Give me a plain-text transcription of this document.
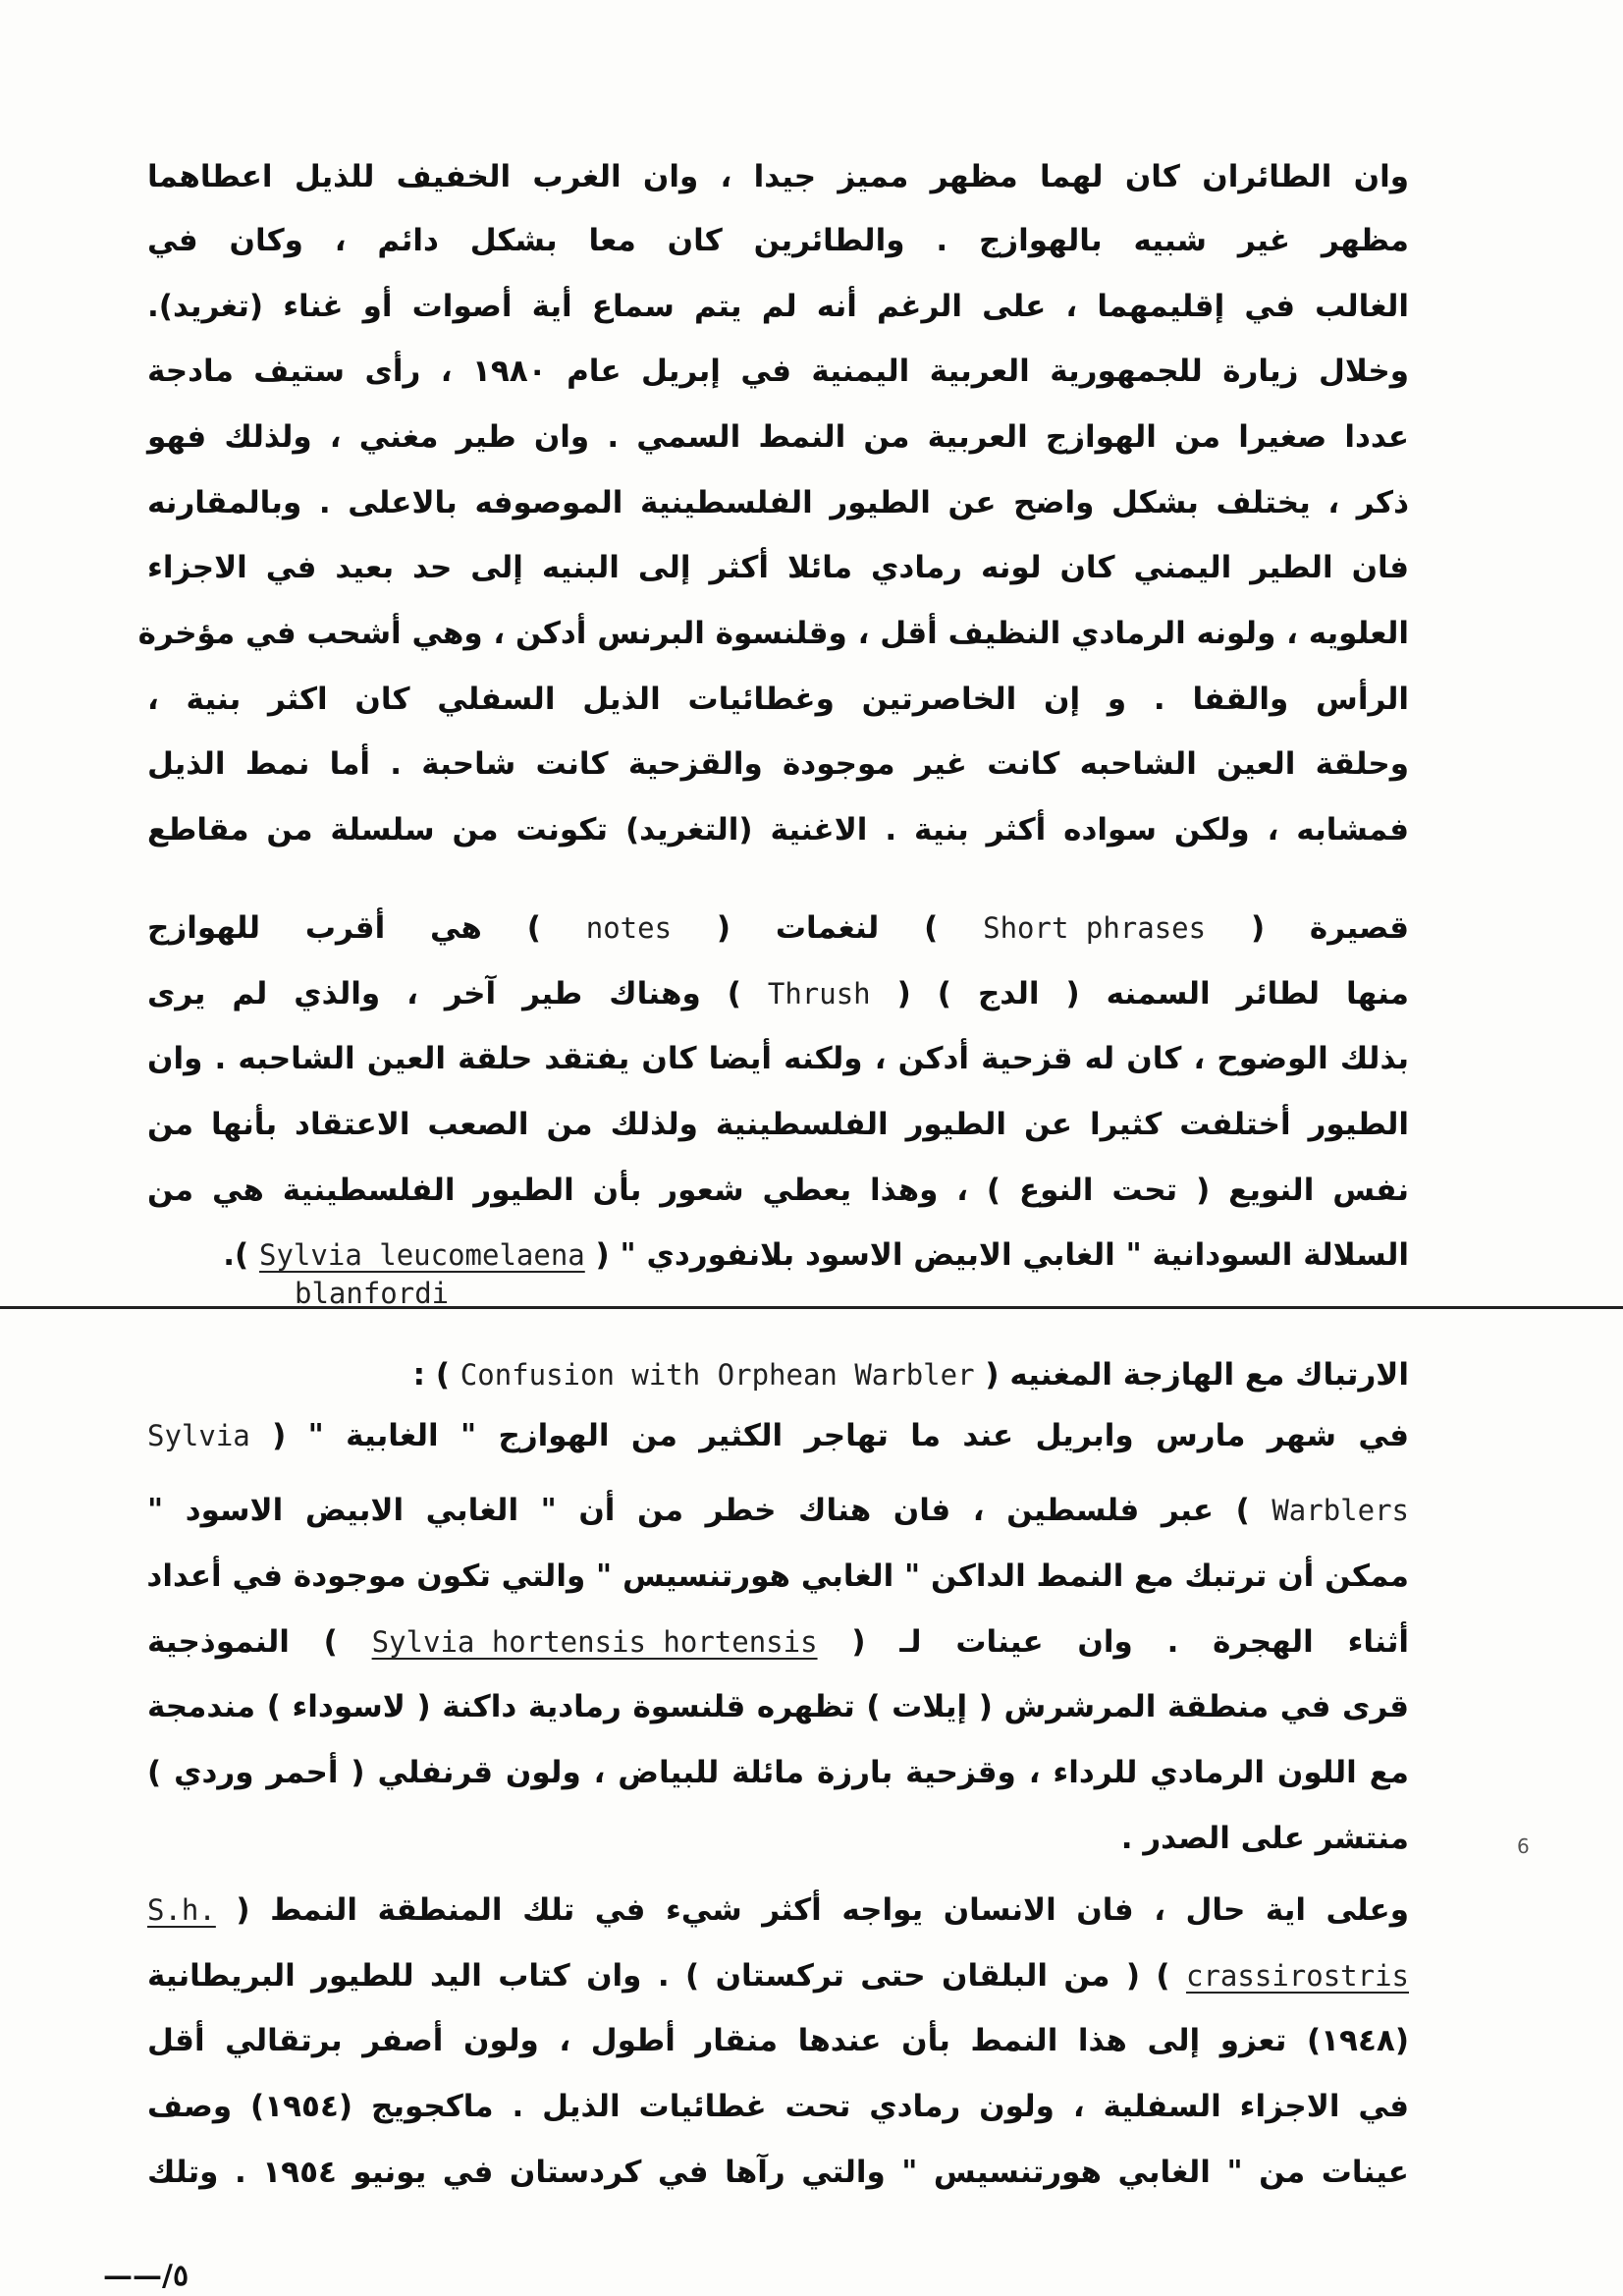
وان الطائران كان لهما مظهر مميز جيدا ، وان الغرب الخفيف للذيل اعطاهما
مظهر غير شبيه بالهوازج . والطائرين كان معا بشكل دائم ، وكان في
الغالب في إقليمهما ، على الرغم أنه لم يتم سماع أية أصوات أو غناء (تغريد).
وخلال زيارة للجمهورية العربية اليمنية في إبريل عام ١٩٨٠ ، رأى ستيف مادجة
عددا صغيرا من الهوازج العربية من النمط السمي . وان طير مغني ، ولذلك فهو
ذكر ، يختلف بشكل واضح عن الطيور الفلسطينية الموصوفه بالاعلى . وبالمقارنه
فان الطير اليمني كان لونه رمادي مائلا أكثر إلى البنيه إلى حد بعيد في الاجزاء
العلويه ، ولونه الرمادي النظيف أقل ، وقلنسوة البرنس أدكن ، وهي أشحب في مؤخرة
الرأس والقفا . و إن الخاصرتين وغطائيات الذيل السفلي كان اكثر بنية ،
وحلقة العين الشاحبه كانت غير موجودة والقزحية كانت شاحبة . أما نمط الذيل
فمشابه ، ولكن سواده أكثر بنية . الاغنية (التغريد) تكونت من سلسلة من مقاطع
قصيرة ( Short phrases ) لنغمات ( notes ) هي أقرب للهوازج
منها لطائر السمنه ( الدج ) ( Thrush ) وهناك طير آخر ، والذي لم يرى
بذلك الوضوح ، كان له قزحية أدكن ، ولكنه أيضا كان يفتقد حلقة العين الشاحبه . وان
الطيور أختلفت كثيرا عن الطيور الفلسطينية ولذلك من الصعب الاعتقاد بأنها من
نفس النويع ( تحت النوع ) ، وهذا يعطي شعور بأن الطيور الفلسطينية هي من
السلالة السودانية " الغابي الابيض الاسود بلانفوردي " ( Sylvia leucomelaena ).
blanfordi
الارتباك مع الهازجة المغنيه ( Confusion with Orphean Warbler ) :
في شهر مارس وابريل عند ما تهاجر الكثير من الهوازج " الغابية " ( Sylvia
Warblers ) عبر فلسطين ، فان هناك خطر من أن " الغابي الابيض الاسود "
ممكن أن ترتبك مع النمط الداكن " الغابي هورتنسيس " والتي تكون موجودة في أعداد
أثناء الهجرة . وان عينات لـ ( Sylvia hortensis hortensis ) النموذجية
قرى في منطقة المرشرش ( إيلات ) تظهره قلنسوة رمادية داكنة ( لاسوداء ) مندمجة
مع اللون الرمادي للرداء ، وقزحية بارزة مائلة للبياض ، ولون قرنفلي ( أحمر وردي )
منتشر على الصدر .	6
وعلى اية حال ، فان الانسان يواجه أكثر شيء في تلك المنطقة النمط ( S.h.
crassirostris ) ( من البلقان حتى تركستان ) . وان كتاب اليد للطيور البريطانية
(١٩٤٨) تعزو إلى هذا النمط بأن عندها منقار أطول ، ولون أصفر برتقالي أقل
في الاجزاء السفلية ، ولون رمادي تحت غطائيات الذيل . ماكجويج (١٩٥٤) وصف
عينات من " الغابي هورتنسيس " والتي رآها في كردستان في يونيو ١٩٥٤ . وتلك
——/٥
